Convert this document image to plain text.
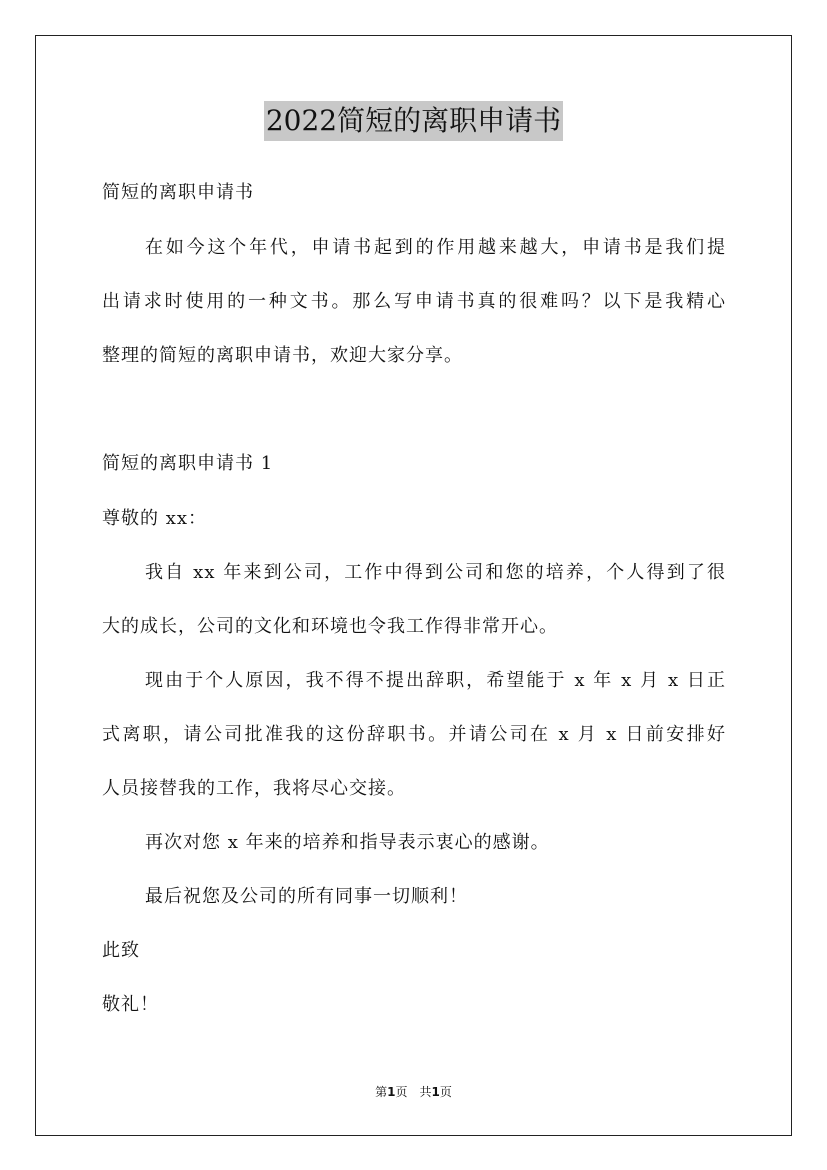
2022简短的离职申请书
简短的离职申请书
在如今这个年代，申请书起到的作用越来越大，申请书是我们提
出请求时使用的一种文书。那么写申请书真的很难吗？以下是我精心
整理的简短的离职申请书，欢迎大家分享。
简短的离职申请书 1
尊敬的 xx：
我自 xx 年来到公司，工作中得到公司和您的培养，个人得到了很
大的成长，公司的文化和环境也令我工作得非常开心。
现由于个人原因，我不得不提出辞职，希望能于 x 年 x 月 x 日正
式离职，请公司批准我的这份辞职书。并请公司在 x 月 x 日前安排好
人员接替我的工作，我将尽心交接。
再次对您 x 年来的培养和指导表示衷心的感谢。
最后祝您及公司的所有同事一切顺利！
此致
敬礼！
第1页 共1页
